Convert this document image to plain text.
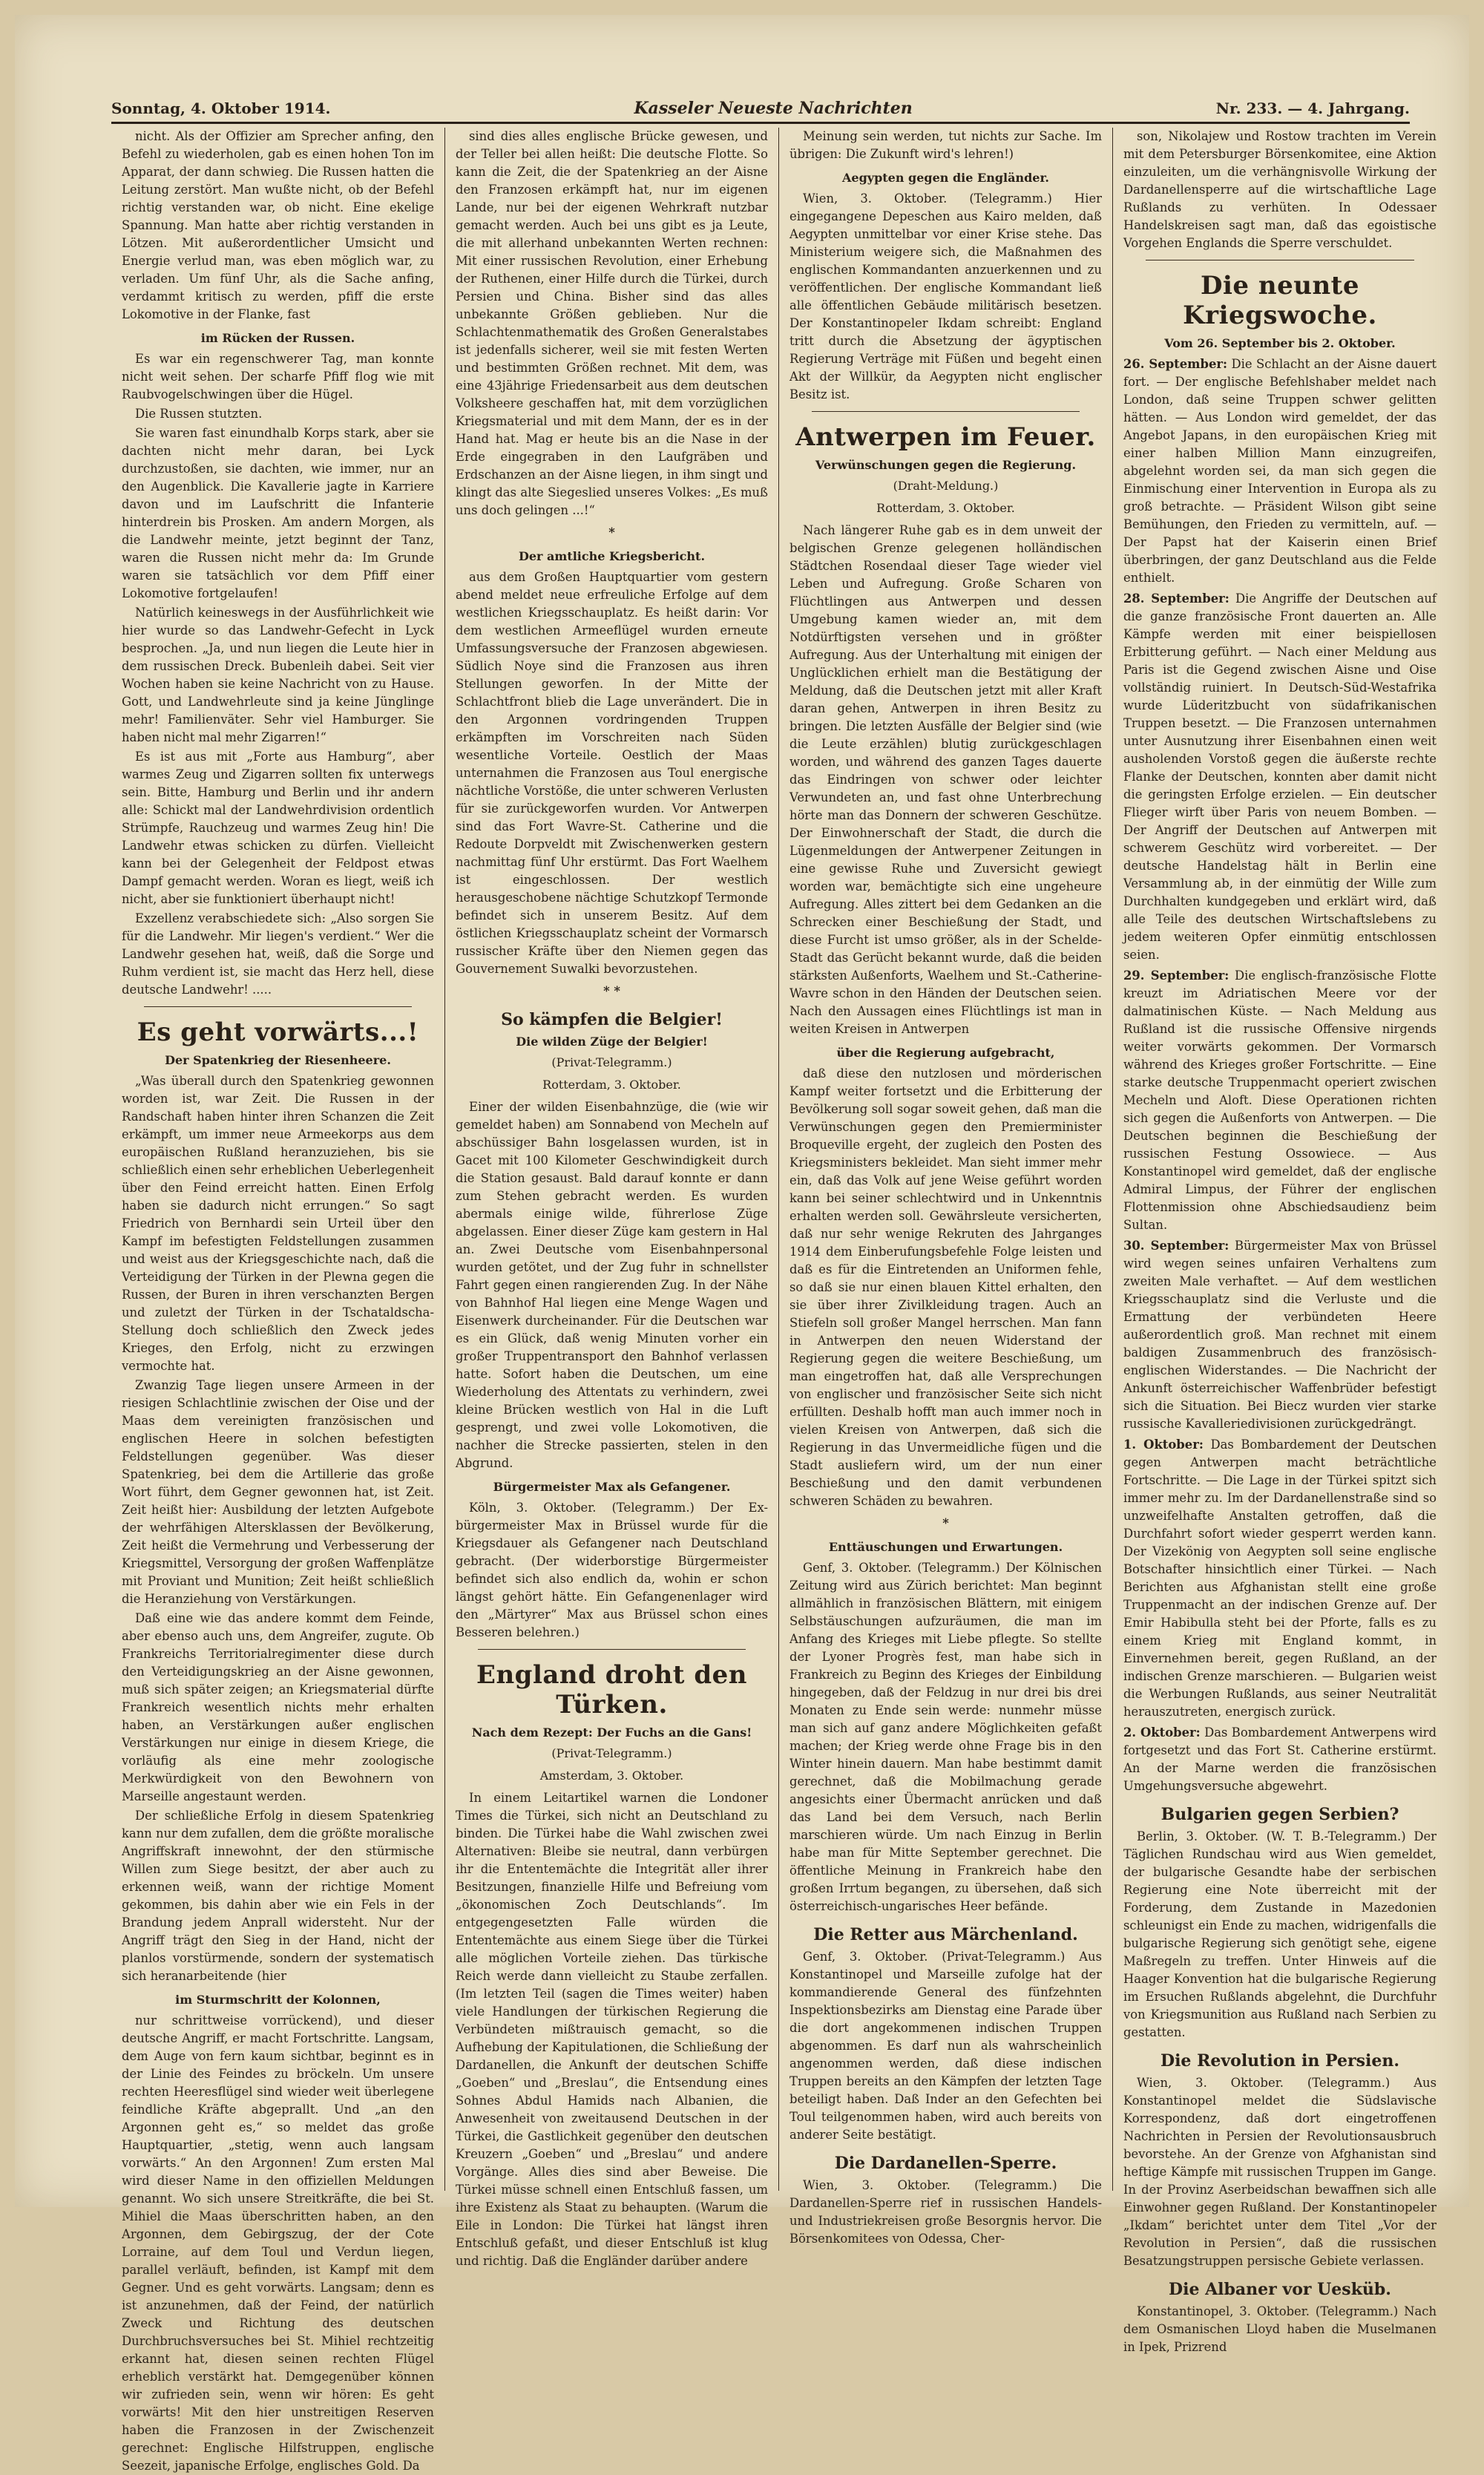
Sonntag, 4. Oktober 1914.	Kasseler Neueste Nachrichten	Nr. 233. — 4. Jahrgang.

nicht. Als der Offizier am Sprecher anfing, den Befehl zu wiederholen, gab es einen hohen Ton im Apparat, der dann schwieg. Die Russen hatten die Leitung zerstört. Man wußte nicht, ob der Befehl richtig verstanden war, ob nicht. Eine ekelige Spannung. Man hatte aber richtig verstanden in Lötzen. Mit außerordentlicher Umsicht und Energie verlud man, was eben möglich war, zu verladen. Um fünf Uhr, als die Sache anfing, verdammt kritisch zu werden, pfiff die erste Lokomotive in der Flanke, fast

im Rücken der Russen.

Es war ein regenschwerer Tag, man konnte nicht weit sehen. Der scharfe Pfiff flog wie mit Raubvogelschwingen über die Hügel.

Die Russen stutzten.

Sie waren fast einundhalb Korps stark, aber sie dachten nicht mehr daran, bei Lyck durchzustoßen, sie dachten, wie immer, nur an den Augenblick. Die Kavallerie jagte in Karriere davon und im Laufschritt die Infanterie hinterdrein bis Prosken. Am andern Morgen, als die Landwehr meinte, jetzt beginnt der Tanz, waren die Russen nicht mehr da: Im Grunde waren sie tatsächlich vor dem Pfiff einer Lokomotive fortgelaufen!

Natürlich keineswegs in der Ausführlichkeit wie hier wurde so das Landwehr-Gefecht in Lyck besprochen. „Ja, und nun liegen die Leute hier in dem russischen Dreck. Bubenleih dabei. Seit vier Wochen haben sie keine Nachricht von zu Hause. Gott, und Landwehrleute sind ja keine Jünglinge mehr! Familienväter. Sehr viel Hamburger. Sie haben nicht mal mehr Zigarren!“

Es ist aus mit „Forte aus Hamburg“, aber warmes Zeug und Zigarren sollten fix unterwegs sein. Bitte, Hamburg und Berlin und ihr andern alle: Schickt mal der Landwehrdivision ordentlich Strümpfe, Rauchzeug und warmes Zeug hin! Die Landwehr etwas schicken zu dürfen. Vielleicht kann bei der Gelegenheit der Feldpost etwas Dampf gemacht werden. Woran es liegt, weiß ich nicht, aber sie funktioniert überhaupt nicht!

Exzellenz verabschiedete sich: „Also sorgen Sie für die Landwehr. Mir liegen's verdient.“ Wer die Landwehr gesehen hat, weiß, daß die Sorge und Ruhm verdient ist, sie macht das Herz hell, diese deutsche Landwehr! .....

Es geht vorwärts...!
Der Spatenkrieg der Riesenheere.

„Was überall durch den Spatenkrieg gewonnen worden ist, war Zeit. Die Russen in der Randschaft haben hinter ihren Schanzen die Zeit erkämpft, um immer neue Armeekorps aus dem europäischen Rußland heranzuziehen, bis sie schließlich einen sehr erheblichen Ueberlegenheit über den Feind erreicht hatten. Einen Erfolg haben sie dadurch nicht errungen.“ So sagt Friedrich von Bernhardi sein Urteil über den Kampf im befestigten Feldstellungen zusammen und weist aus der Kriegsgeschichte nach, daß die Verteidigung der Türken in der Plewna gegen die Russen, der Buren in ihren verschanzten Bergen und zuletzt der Türken in der Tschataldscha-Stellung doch schließlich den Zweck jedes Krieges, den Erfolg, nicht zu erzwingen vermochte hat.

Zwanzig Tage liegen unsere Armeen in der riesigen Schlachtlinie zwischen der Oise und der Maas dem vereinigten französischen und englischen Heere in solchen befestigten Feldstellungen gegenüber. Was dieser Spatenkrieg, bei dem die Artillerie das große Wort führt, dem Gegner gewonnen hat, ist Zeit. Zeit heißt hier: Ausbildung der letzten Aufgebote der wehrfähigen Altersklassen der Bevölkerung, Zeit heißt die Vermehrung und Verbesserung der Kriegsmittel, Versorgung der großen Waffenplätze mit Proviant und Munition; Zeit heißt schließlich die Heranziehung von Verstärkungen.

Daß eine wie das andere kommt dem Feinde, aber ebenso auch uns, dem Angreifer, zugute. Ob Frankreichs Territorialregimenter diese durch den Verteidigungskrieg an der Aisne gewonnen, muß sich später zeigen; an Kriegsmaterial dürfte Frankreich wesentlich nichts mehr erhalten haben, an Verstärkungen außer englischen Verstärkungen nur einige in diesem Kriege, die vorläufig als eine mehr zoologische Merkwürdigkeit von den Bewohnern von Marseille angestaunt werden.

Der schließliche Erfolg in diesem Spatenkrieg kann nur dem zufallen, dem die größte moralische Angriffskraft innewohnt, der den stürmische Willen zum Siege besitzt, der aber auch zu erkennen weiß, wann der richtige Moment gekommen, bis dahin aber wie ein Fels in der Brandung jedem Anprall widersteht. Nur der Angriff trägt den Sieg in der Hand, nicht der planlos vorstürmende, sondern der systematisch sich heranarbeitende (hier

im Sturmschritt der Kolonnen,

nur schrittweise vorrückend), und dieser deutsche Angriff, er macht Fortschritte. Langsam, dem Auge von fern kaum sichtbar, beginnt es in der Linie des Feindes zu bröckeln. Um unsere rechten Heeresflügel sind wieder weit überlegene feindliche Kräfte abgeprallt. Und „an den Argonnen geht es,“ so meldet das große Hauptquartier, „stetig, wenn auch langsam vorwärts.“ An den Argonnen! Zum ersten Mal wird dieser Name in den offiziellen Meldungen genannt. Wo sich unsere Streitkräfte, die bei St. Mihiel die Maas überschritten haben, an den Argonnen, dem Gebirgszug, der der Cote Lorraine, auf dem Toul und Verdun liegen, parallel verläuft, befinden, ist Kampf mit dem Gegner. Und es geht vorwärts. Langsam; denn es ist anzunehmen, daß der Feind, der natürlich Zweck und Richtung des deutschen Durchbruchsversuches bei St. Mihiel rechtzeitig erkannt hat, diesen seinen rechten Flügel erheblich verstärkt hat. Demgegenüber können wir zufrieden sein, wenn wir hören: Es geht vorwärts! Mit den hier unstreitigen Reserven haben die Franzosen in der Zwischenzeit gerechnet: Englische Hilfstruppen, englische Seezeit, japanische Erfolge, englisches Gold. Da

sind dies alles englische Brücke gewesen, und der Teller bei allen heißt: Die deutsche Flotte. So kann die Zeit, die der Spatenkrieg an der Aisne den Franzosen erkämpft hat, nur im eigenen Lande, nur bei der eigenen Wehrkraft nutzbar gemacht werden. Auch bei uns gibt es ja Leute, die mit allerhand unbekannten Werten rechnen: Mit einer russischen Revolution, einer Erhebung der Ruthenen, einer Hilfe durch die Türkei, durch Persien und China. Bisher sind das alles unbekannte Größen geblieben. Nur die Schlachtenmathematik des Großen Generalstabes ist jedenfalls sicherer, weil sie mit festen Werten und bestimmten Größen rechnet. Mit dem, was eine 43jährige Friedensarbeit aus dem deutschen Volksheere geschaffen hat, mit dem vorzüglichen Kriegsmaterial und mit dem Mann, der es in der Hand hat. Mag er heute bis an die Nase in der Erde eingegraben in den Laufgräben und Erdschanzen an der Aisne liegen, in ihm singt und klingt das alte Siegeslied unseres Volkes: „Es muß uns doch gelingen ...!“

*
Der amtliche Kriegsbericht.

aus dem Großen Hauptquartier vom gestern abend meldet neue erfreuliche Erfolge auf dem westlichen Kriegsschauplatz. Es heißt darin: Vor dem westlichen Armeeflügel wurden erneute Umfassungsversuche der Franzosen abgewiesen. Südlich Noye sind die Franzosen aus ihren Stellungen geworfen. In der Mitte der Schlachtfront blieb die Lage unverändert. Die in den Argonnen vordringenden Truppen erkämpften im Vorschreiten nach Süden wesentliche Vorteile. Oestlich der Maas unternahmen die Franzosen aus Toul energische nächtliche Vorstöße, die unter schweren Verlusten für sie zurückgeworfen wurden. Vor Antwerpen sind das Fort Wavre-St. Catherine und die Redoute Dorpveldt mit Zwischenwerken gestern nachmittag fünf Uhr erstürmt. Das Fort Waelhem ist eingeschlossen. Der westlich herausgeschobene nächtige Schutzkopf Termonde befindet sich in unserem Besitz. Auf dem östlichen Kriegsschauplatz scheint der Vormarsch russischer Kräfte über den Niemen gegen das Gouvernement Suwalki bevorzustehen.

* *
So kämpfen die Belgier!
Die wilden Züge der Belgier!
(Privat-Telegramm.)
Rotterdam, 3. Oktober.

Einer der wilden Eisenbahnzüge, die (wie wir gemeldet haben) am Sonnabend von Mecheln auf abschüssiger Bahn losgelassen wurden, ist in Gacet mit 100 Kilometer Geschwindigkeit durch die Station gesaust. Bald darauf konnte er dann zum Stehen gebracht werden. Es wurden abermals einige wilde, führerlose Züge abgelassen. Einer dieser Züge kam gestern in Hal an. Zwei Deutsche vom Eisenbahnpersonal wurden getötet, und der Zug fuhr in schnellster Fahrt gegen einen rangierenden Zug. In der Nähe von Bahnhof Hal liegen eine Menge Wagen und Eisenwerk durcheinander. Für die Deutschen war es ein Glück, daß wenig Minuten vorher ein großer Truppentransport den Bahnhof verlassen hatte. Sofort haben die Deutschen, um eine Wiederholung des Attentats zu verhindern, zwei kleine Brücken westlich von Hal in die Luft gesprengt, und zwei volle Lokomotiven, die nachher die Strecke passierten, stelen in den Abgrund.

Bürgermeister Max als Gefangener.

Köln, 3. Oktober. (Telegramm.) Der Ex-bürgermeister Max in Brüssel wurde für die Kriegsdauer als Gefangener nach Deutschland gebracht. (Der widerborstige Bürgermeister befindet sich also endlich da, wohin er schon längst gehört hätte. Ein Gefangenenlager wird den „Märtyrer“ Max aus Brüssel schon eines Besseren belehren.)

England droht den Türken.
Nach dem Rezept: Der Fuchs an die Gans!
(Privat-Telegramm.)
Amsterdam, 3. Oktober.

In einem Leitartikel warnen die Londoner Times die Türkei, sich nicht an Deutschland zu binden. Die Türkei habe die Wahl zwischen zwei Alternativen: Bleibe sie neutral, dann verbürgen ihr die Ententemächte die Integrität aller ihrer Besitzungen, finanzielle Hilfe und Befreiung vom „ökonomischen Zoch Deutschlands“. Im entgegengesetzten Falle würden die Ententemächte aus einem Siege über die Türkei alle möglichen Vorteile ziehen. Das türkische Reich werde dann vielleicht zu Staube zerfallen. (Im letzten Teil (sagen die Times weiter) haben viele Handlungen der türkischen Regierung die Verbündeten mißtrauisch gemacht, so die Aufhebung der Kapitulationen, die Schließung der Dardanellen, die Ankunft der deutschen Schiffe „Goeben“ und „Breslau“, die Entsendung eines Sohnes Abdul Hamids nach Albanien, die Anwesenheit von zweitausend Deutschen in der Türkei, die Gastlichkeit gegenüber den deutschen Kreuzern „Goeben“ und „Breslau“ und andere Vorgänge. Alles dies sind aber Beweise. Die Türkei müsse schnell einen Entschluß fassen, um ihre Existenz als Staat zu behaupten. (Warum die Eile in London: Die Türkei hat längst ihren Entschluß gefaßt, und dieser Entschluß ist klug und richtig. Daß die Engländer darüber andere

Meinung sein werden, tut nichts zur Sache. Im übrigen: Die Zukunft wird's lehren!)

Aegypten gegen die Engländer.

Wien, 3. Oktober. (Telegramm.) Hier eingegangene Depeschen aus Kairo melden, daß Aegypten unmittelbar vor einer Krise stehe. Das Ministerium weigere sich, die Maßnahmen des englischen Kommandanten anzuerkennen und zu veröffentlichen. Der englische Kommandant ließ alle öffentlichen Gebäude militärisch besetzen. Der Konstantinopeler Ikdam schreibt: England tritt durch die Absetzung der ägyptischen Regierung Verträge mit Füßen und begeht einen Akt der Willkür, da Aegypten nicht englischer Besitz ist.

Antwerpen im Feuer.
Verwünschungen gegen die Regierung.
(Draht-Meldung.)
Rotterdam, 3. Oktober.

Nach längerer Ruhe gab es in dem unweit der belgischen Grenze gelegenen holländischen Städtchen Rosendaal dieser Tage wieder viel Leben und Aufregung. Große Scharen von Flüchtlingen aus Antwerpen und dessen Umgebung kamen wieder an, mit dem Notdürftigsten versehen und in größter Aufregung. Aus der Unterhaltung mit einigen der Unglücklichen erhielt man die Bestätigung der Meldung, daß die Deutschen jetzt mit aller Kraft daran gehen, Antwerpen in ihren Besitz zu bringen. Die letzten Ausfälle der Belgier sind (wie die Leute erzählen) blutig zurückgeschlagen worden, und während des ganzen Tages dauerte das Eindringen von schwer oder leichter Verwundeten an, und fast ohne Unterbrechung hörte man das Donnern der schweren Geschütze. Der Einwohnerschaft der Stadt, die durch die Lügenmeldungen der Antwerpener Zeitungen in eine gewisse Ruhe und Zuversicht gewiegt worden war, bemächtigte sich eine ungeheure Aufregung. Alles zittert bei dem Gedanken an die Schrecken einer Beschießung der Stadt, und diese Furcht ist umso größer, als in der Schelde-Stadt das Gerücht bekannt wurde, daß die beiden stärksten Außenforts, Waelhem und St.-Catherine-Wavre schon in den Händen der Deutschen seien. Nach den Aussagen eines Flüchtlings ist man in weiten Kreisen in Antwerpen

über die Regierung aufgebracht,

daß diese den nutzlosen und mörderischen Kampf weiter fortsetzt und die Erbitterung der Bevölkerung soll sogar soweit gehen, daß man die Verwünschungen gegen den Premierminister Broqueville ergeht, der zugleich den Posten des Kriegsministers bekleidet. Man sieht immer mehr ein, daß das Volk auf jene Weise geführt worden kann bei seiner schlechtwird und in Unkenntnis erhalten werden soll. Gewährsleute versicherten, daß nur sehr wenige Rekruten des Jahrganges 1914 dem Einberufungsbefehle Folge leisten und daß es für die Eintretenden an Uniformen fehle, so daß sie nur einen blauen Kittel erhalten, den sie über ihrer Zivilkleidung tragen. Auch an Stiefeln soll großer Mangel herrschen. Man fann in Antwerpen den neuen Widerstand der Regierung gegen die weitere Beschießung, um man eingetroffen hat, daß alle Versprechungen von englischer und französischer Seite sich nicht erfüllten. Deshalb hofft man auch immer noch in vielen Kreisen von Antwerpen, daß sich die Regierung in das Unvermeidliche fügen und die Stadt ausliefern wird, um der nun einer Beschießung und den damit verbundenen schweren Schäden zu bewahren.

*
Enttäuschungen und Erwartungen.

Genf, 3. Oktober. (Telegramm.) Der Kölnischen Zeitung wird aus Zürich berichtet: Man beginnt allmählich in französischen Blättern, mit einigem Selbstäuschungen aufzuräumen, die man im Anfang des Krieges mit Liebe pflegte. So stellte der Lyoner Progrès fest, man habe sich in Frankreich zu Beginn des Krieges der Einbildung hingegeben, daß der Feldzug in nur drei bis drei Monaten zu Ende sein werde: nunmehr müsse man sich auf ganz andere Möglichkeiten gefaßt machen; der Krieg werde ohne Frage bis in den Winter hinein dauern. Man habe bestimmt damit gerechnet, daß die Mobilmachung gerade angesichts einer Übermacht anrücken und daß das Land bei dem Versuch, nach Berlin marschieren würde. Um nach Einzug in Berlin habe man für Mitte September gerechnet. Die öffentliche Meinung in Frankreich habe den großen Irrtum begangen, zu übersehen, daß sich österreichisch-ungarisches Heer befände.

Die Retter aus Märchenland.

Genf, 3. Oktober. (Privat-Telegramm.) Aus Konstantinopel und Marseille zufolge hat der kommandierende General des fünfzehnten Inspektionsbezirks am Dienstag eine Parade über die dort angekommenen indischen Truppen abgenommen. Es darf nun als wahrscheinlich angenommen werden, daß diese indischen Truppen bereits an den Kämpfen der letzten Tage beteiligt haben. Daß Inder an den Gefechten bei Toul teilgenommen haben, wird auch bereits von anderer Seite bestätigt.

Die Dardanellen-Sperre.

Wien, 3. Oktober. (Telegramm.) Die Dardanellen-Sperre rief in russischen Handels- und Industriekreisen große Besorgnis hervor. Die Börsenkomitees von Odessa, Cher-

son, Nikolajew und Rostow trachten im Verein mit dem Petersburger Börsenkomitee, eine Aktion einzuleiten, um die verhängnisvolle Wirkung der Dardanellensperre auf die wirtschaftliche Lage Rußlands zu verhüten. In Odessaer Handelskreisen sagt man, daß das egoistische Vorgehen Englands die Sperre verschuldet.

Die neunte Kriegswoche.
Vom 26. September bis 2. Oktober.
26. September: Die Schlacht an der Aisne dauert fort. — Der englische Befehlshaber meldet nach London, daß seine Truppen schwer gelitten hätten. — Aus London wird gemeldet, der das Angebot Japans, in den europäischen Krieg mit einer halben Million Mann einzugreifen, abgelehnt worden sei, da man sich gegen die Einmischung einer Intervention in Europa als zu groß betrachte. — Präsident Wilson gibt seine Bemühungen, den Frieden zu vermitteln, auf. — Der Papst hat der Kaiserin einen Brief überbringen, der ganz Deutschland aus die Felde enthielt.
28. September: Die Angriffe der Deutschen auf die ganze französische Front dauerten an. Alle Kämpfe werden mit einer beispiellosen Erbitterung geführt. — Nach einer Meldung aus Paris ist die Gegend zwischen Aisne und Oise vollständig ruiniert. In Deutsch-Süd-Westafrika wurde Lüderitzbucht von südafrikanischen Truppen besetzt. — Die Franzosen unternahmen unter Ausnutzung ihrer Eisenbahnen einen weit ausholenden Vorstoß gegen die äußerste rechte Flanke der Deutschen, konnten aber damit nicht die geringsten Erfolge erzielen. — Ein deutscher Flieger wirft über Paris von neuem Bomben. — Der Angriff der Deutschen auf Antwerpen mit schwerem Geschütz wird vorbereitet. — Der deutsche Handelstag hält in Berlin eine Versammlung ab, in der einmütig der Wille zum Durchhalten kundgegeben und erklärt wird, daß alle Teile des deutschen Wirtschaftslebens zu jedem weiteren Opfer einmütig entschlossen seien.
29. September: Die englisch-französische Flotte kreuzt im Adriatischen Meere vor der dalmatinischen Küste. — Nach Meldung aus Rußland ist die russische Offensive nirgends weiter vorwärts gekommen. Der Vormarsch während des Krieges großer Fortschritte. — Eine starke deutsche Truppenmacht operiert zwischen Mecheln und Aloft. Diese Operationen richten sich gegen die Außenforts von Antwerpen. — Die Deutschen beginnen die Beschießung der russischen Festung Ossowiece. — Aus Konstantinopel wird gemeldet, daß der englische Admiral Limpus, der Führer der englischen Flottenmission ohne Abschiedsaudienz beim Sultan.
30. September: Bürgermeister Max von Brüssel wird wegen seines unfairen Verhaltens zum zweiten Male verhaftet. — Auf dem westlichen Kriegsschauplatz sind die Verluste und die Ermattung der verbündeten Heere außerordentlich groß. Man rechnet mit einem baldigen Zusammenbruch des französisch-englischen Widerstandes. — Die Nachricht der Ankunft österreichischer Waffenbrüder befestigt sich die Situation. Bei Biecz wurden vier starke russische Kavalleriedivisionen zurückgedrängt.
1. Oktober: Das Bombardement der Deutschen gegen Antwerpen macht beträchtliche Fortschritte. — Die Lage in der Türkei spitzt sich immer mehr zu. Im der Dardanellenstraße sind so unzweifelhafte Anstalten getroffen, daß die Durchfahrt sofort wieder gesperrt werden kann. Der Vizekönig von Aegypten soll seine englische Botschafter hinsichtlich einer Türkei. — Nach Berichten aus Afghanistan stellt eine große Truppenmacht an der indischen Grenze auf. Der Emir Habibulla steht bei der Pforte, falls es zu einem Krieg mit England kommt, in Einvernehmen bereit, gegen Rußland, an der indischen Grenze marschieren. — Bulgarien weist die Werbungen Rußlands, aus seiner Neutralität herauszutreten, energisch zurück.
2. Oktober: Das Bombardement Antwerpens wird fortgesetzt und das Fort St. Catherine erstürmt. An der Marne werden die französischen Umgehungsversuche abgewehrt.
Bulgarien gegen Serbien?

Berlin, 3. Oktober. (W. T. B.-Telegramm.) Der Täglichen Rundschau wird aus Wien gemeldet, der bulgarische Gesandte habe der serbischen Regierung eine Note überreicht mit der Forderung, dem Zustande in Mazedonien schleunigst ein Ende zu machen, widrigenfalls die bulgarische Regierung sich genötigt sehe, eigene Maßregeln zu treffen. Unter Hinweis auf die Haager Konvention hat die bulgarische Regierung im Ersuchen Rußlands abgelehnt, die Durchfuhr von Kriegsmunition aus Rußland nach Serbien zu gestatten.

Die Revolution in Persien.

Wien, 3. Oktober. (Telegramm.) Aus Konstantinopel meldet die Südslavische Korrespondenz, daß dort eingetroffenen Nachrichten in Persien der Revolutionsausbruch bevorstehe. An der Grenze von Afghanistan sind heftige Kämpfe mit russischen Truppen im Gange. In der Provinz Aserbeidschan bewaffnen sich alle Einwohner gegen Rußland. Der Konstantinopeler „Ikdam“ berichtet unter dem Titel „Vor der Revolution in Persien“, daß die russischen Besatzungstruppen persische Gebiete verlassen.

Die Albaner vor Uesküb.

Konstantinopel, 3. Oktober. (Telegramm.) Nach dem Osmanischen Lloyd haben die Muselmanen in Ipek, Prizrend
